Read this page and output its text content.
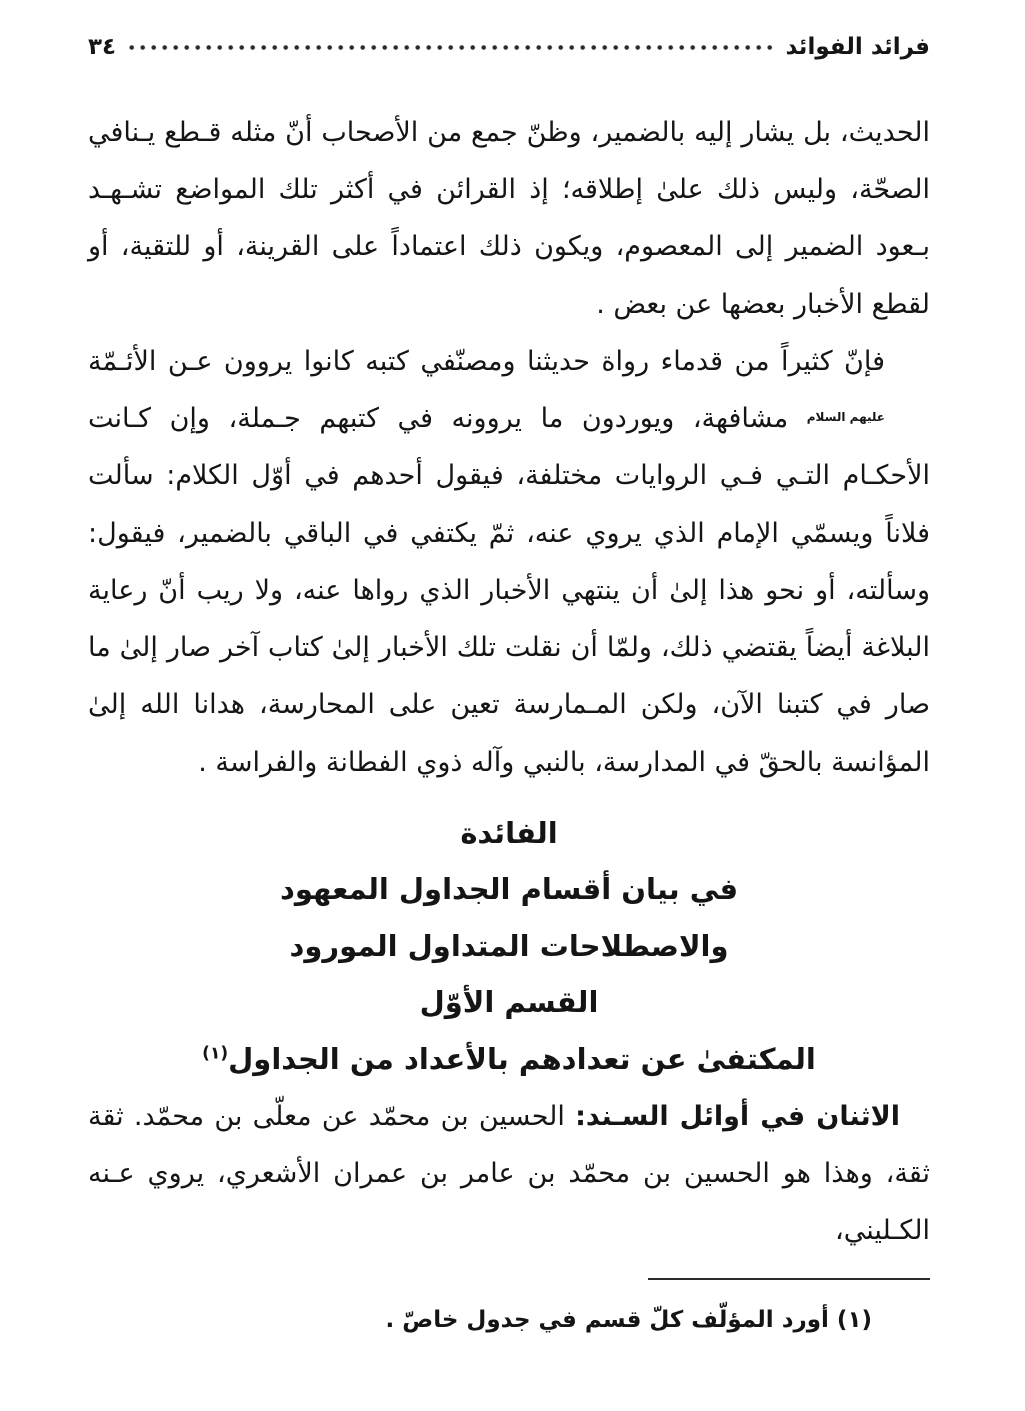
فرائد الفوائد
٣٤

الحديث، بل يشار إليه بالضمير، وظنّ جمع من الأصحاب أنّ مثله قـطع يـنافي الصحّة، وليس ذلك علىٰ إطلاقه؛ إذ القرائن في أكثر تلك المواضع تشـهـد بـعود الضمير إلى المعصوم، ويكون ذلك اعتماداً على القرينة، أو للتقية، أو لقطع الأخبار بعضها عن بعض .

فإنّ كثيراً من قدماء رواة حديثنا ومصنّفي كتبه كانوا يروون عـن الأئـمّة عليهم السلام مشافهة، ويوردون ما يروونه في كتبهم جـملة، وإن كـانت الأحكـام التـي فـي الروايات مختلفة، فيقول أحدهم في أوّل الكلام: سألت فلاناً ويسمّي الإمام الذي يروي عنه، ثمّ يكتفي في الباقي بالضمير، فيقول: وسألته، أو نحو هذا إلىٰ أن ينتهي الأخبار الذي رواها عنه، ولا ريب أنّ رعاية البلاغة أيضاً يقتضي ذلك، ولمّا أن نقلت تلك الأخبار إلىٰ كتاب آخر صار إلىٰ ما صار في كتبنا الآن، ولكن المـمارسة تعين على المحارسة، هدانا الله إلىٰ المؤانسة بالحقّ في المدارسة، بالنبي وآله ذوي الفطانة والفراسة .

الفائدة

في بيان أقسام الجداول المعهود

والاصطلاحات المتداول المورود

القسم الأوّل

المكتفىٰ عن تعدادهم بالأعداد من الجداول$^{(١)}$

الاثنان في أوائل السـند: الحسين بن محمّد عن معلّى بن محمّد. ثقة ثقة، وهذا هو الحسين بن محمّد بن عامر بن عمران الأشعري، يروي عـنه الكـليني،

(١) أورد المؤلّف كلّ قسم في جدول خاصّ .
